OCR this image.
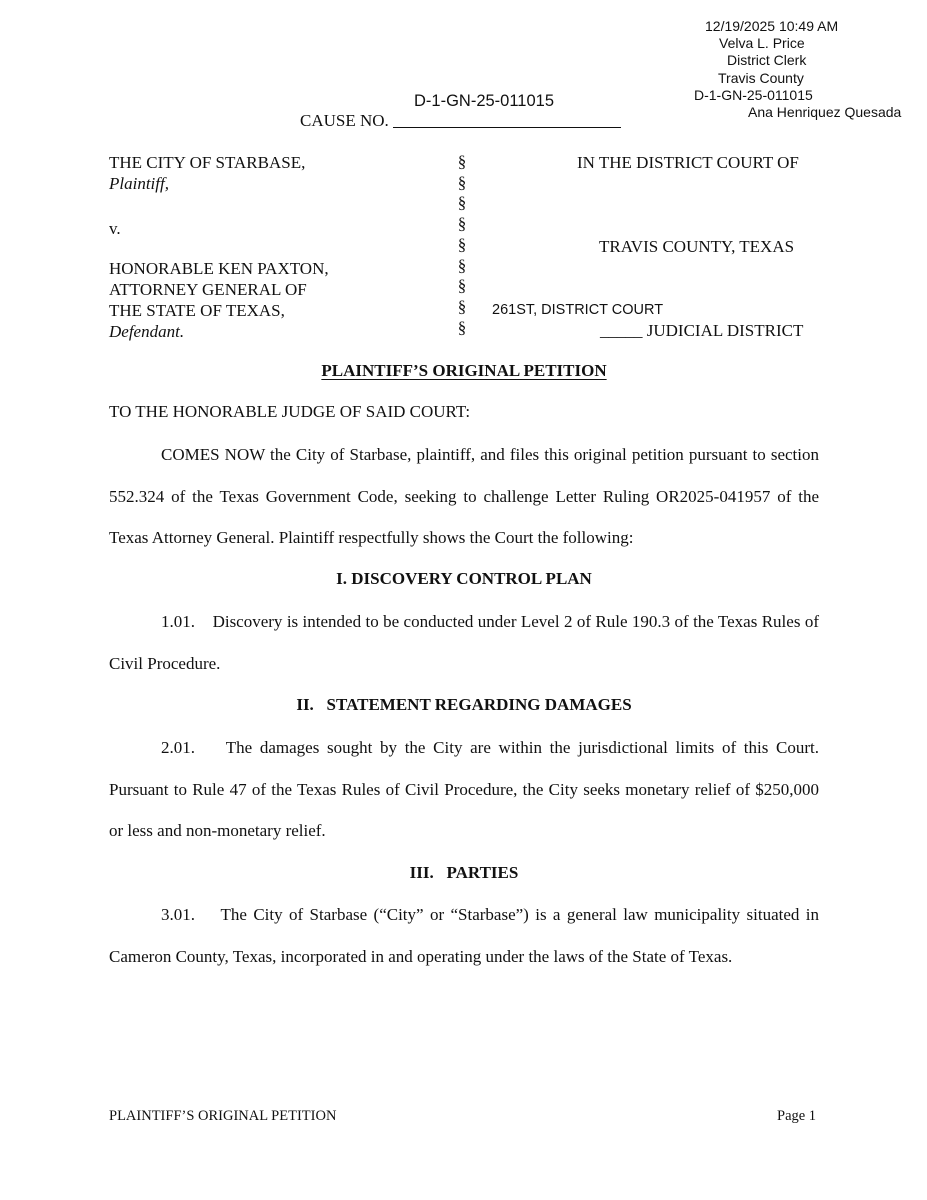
12/19/2025 10:49 AM
Velva L. Price
District Clerk
Travis County
D-1-GN-25-011015
Ana Henriquez Quesada
D-1-GN-25-011015
CAUSE NO.
THE CITY OF STARBASE,
Plaintiff,
v.
HONORABLE KEN PAXTON,
ATTORNEY GENERAL OF
THE STATE OF TEXAS,
Defendant.
§
§
§
§
§
§
§
§
§
IN THE DISTRICT COURT OF
TRAVIS COUNTY, TEXAS
261ST, DISTRICT COURT
_____ JUDICIAL DISTRICT
PLAINTIFF’S ORIGINAL PETITION
TO THE HONORABLE JUDGE OF SAID COURT:
COMES NOW the City of Starbase, plaintiff, and files this original petition pursuant to section 552.324 of the Texas Government Code, seeking to challenge Letter Ruling OR2025-041957 of the Texas Attorney General. Plaintiff respectfully shows the Court the following:
I. DISCOVERY CONTROL PLAN
1.01. Discovery is intended to be conducted under Level 2 of Rule 190.3 of the Texas Rules of Civil Procedure.
II.   STATEMENT REGARDING DAMAGES
2.01. The damages sought by the City are within the jurisdictional limits of this Court. Pursuant to Rule 47 of the Texas Rules of Civil Procedure, the City seeks monetary relief of $250,000 or less and non-monetary relief.
III.   PARTIES
3.01. The City of Starbase (“City” or “Starbase”) is a general law municipality situated in Cameron County, Texas, incorporated in and operating under the laws of the State of Texas.
PLAINTIFF’S ORIGINAL PETITION	Page 1
